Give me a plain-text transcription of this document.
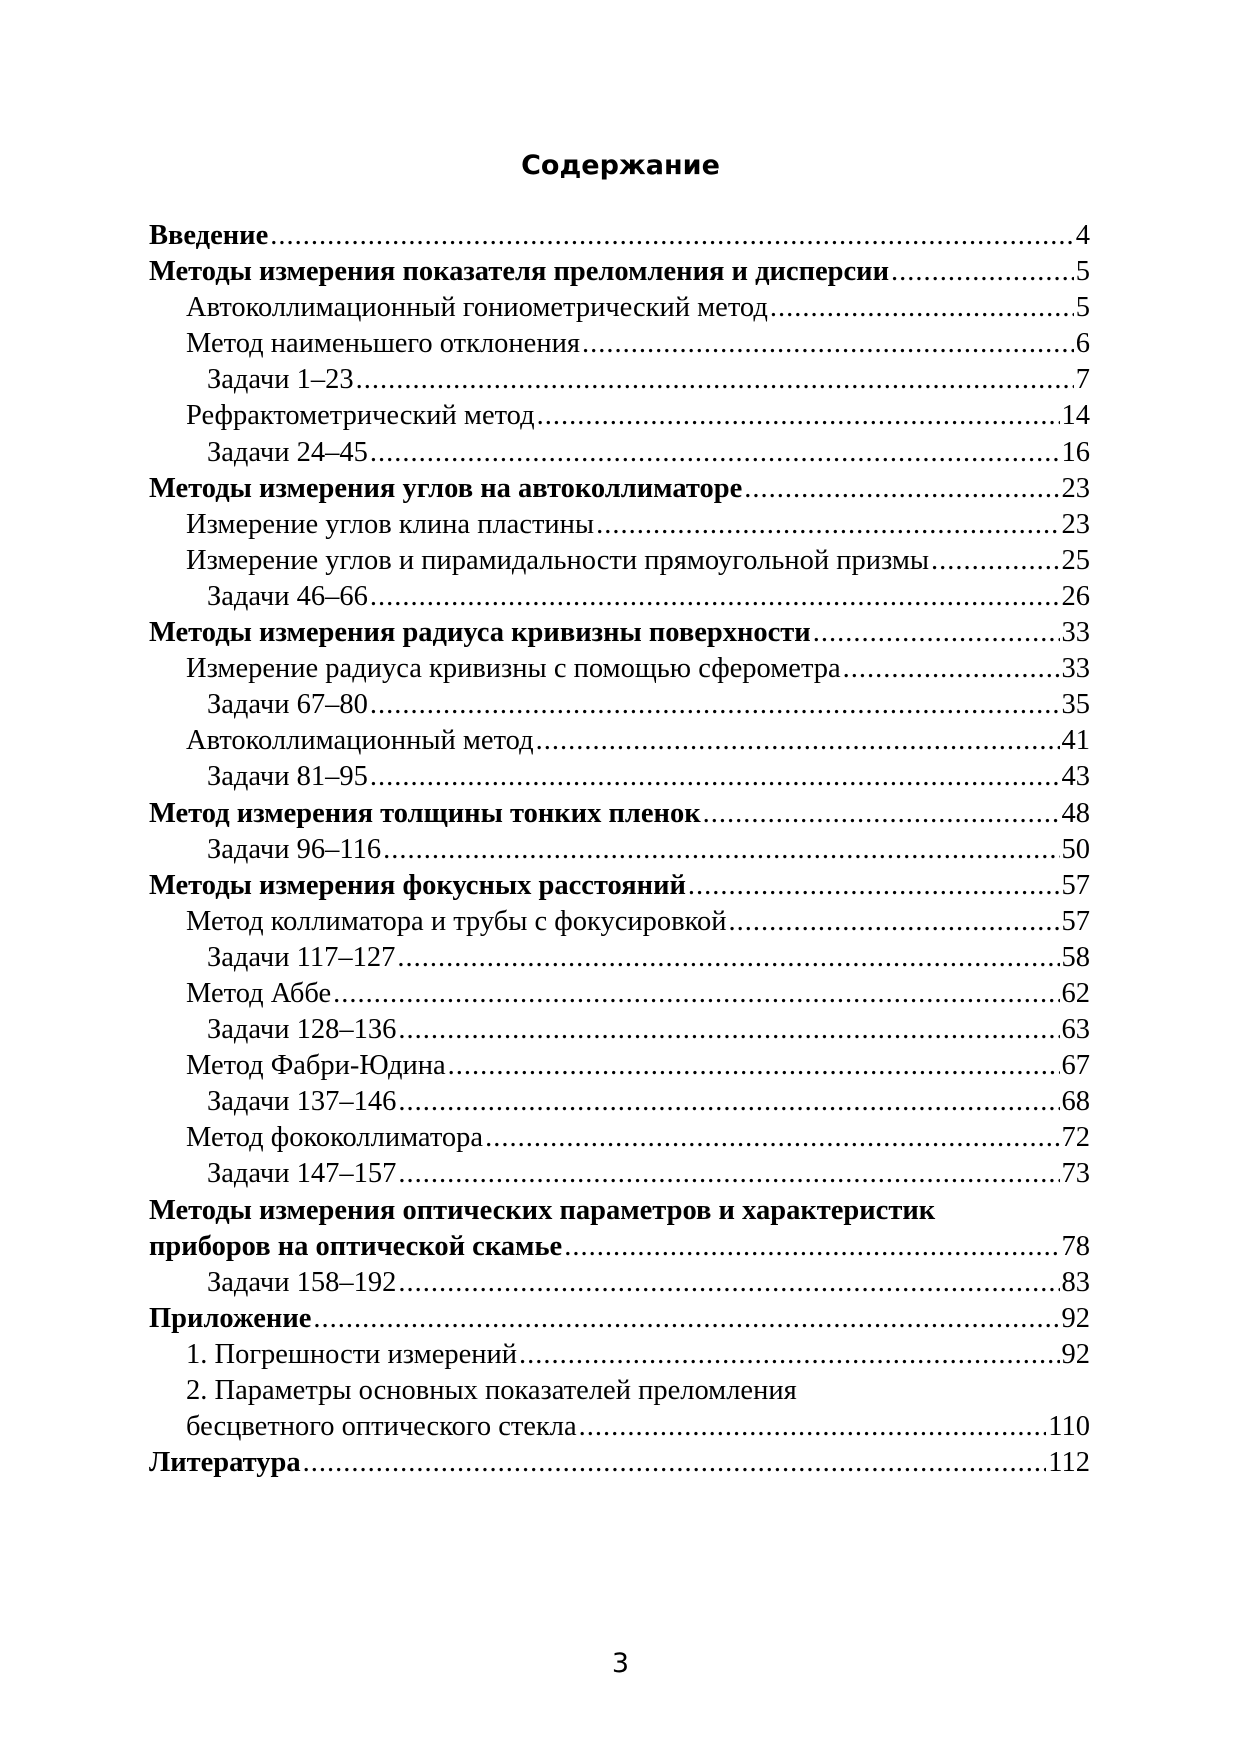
Содержание
Введение .....	4
Методы измерения показателя преломления и дисперсии .....	5
Автоколлимационный гониометрический метод .....	5
Метод наименьшего отклонения .....	6
Задачи 1–23 .....	7
Рефрактометрический метод .....	14
Задачи 24–45 .....	16
Методы измерения углов на автоколлиматоре .....	23
Измерение углов клина пластины .....	23
Измерение углов и пирамидальности прямоугольной призмы .....	25
Задачи 46–66 .....	26
Методы измерения радиуса кривизны поверхности .....	33
Измерение радиуса кривизны с помощью сферометра .....	33
Задачи 67–80 .....	35
Автоколлимационный метод .....	41
Задачи 81–95 .....	43
Метод измерения толщины тонких пленок .....	48
Задачи 96–116 .....	50
Методы измерения фокусных расстояний .....	57
Метод коллиматора и трубы с фокусировкой .....	57
Задачи 117–127 .....	58
Метод Аббе .....	62
Задачи 128–136 .....	63
Метод Фабри-Юдина .....	67
Задачи 137–146 .....	68
Метод фококоллиматора .....	72
Задачи 147–157 .....	73
Методы измерения оптических параметров и характеристик
приборов на оптической скамье .....	78
Задачи 158–192 .....	83
Приложение .....	92
1. Погрешности измерений .....	92
2. Параметры основных показателей преломления
бесцветного оптического стекла .....	110
Литература .....	112
3
